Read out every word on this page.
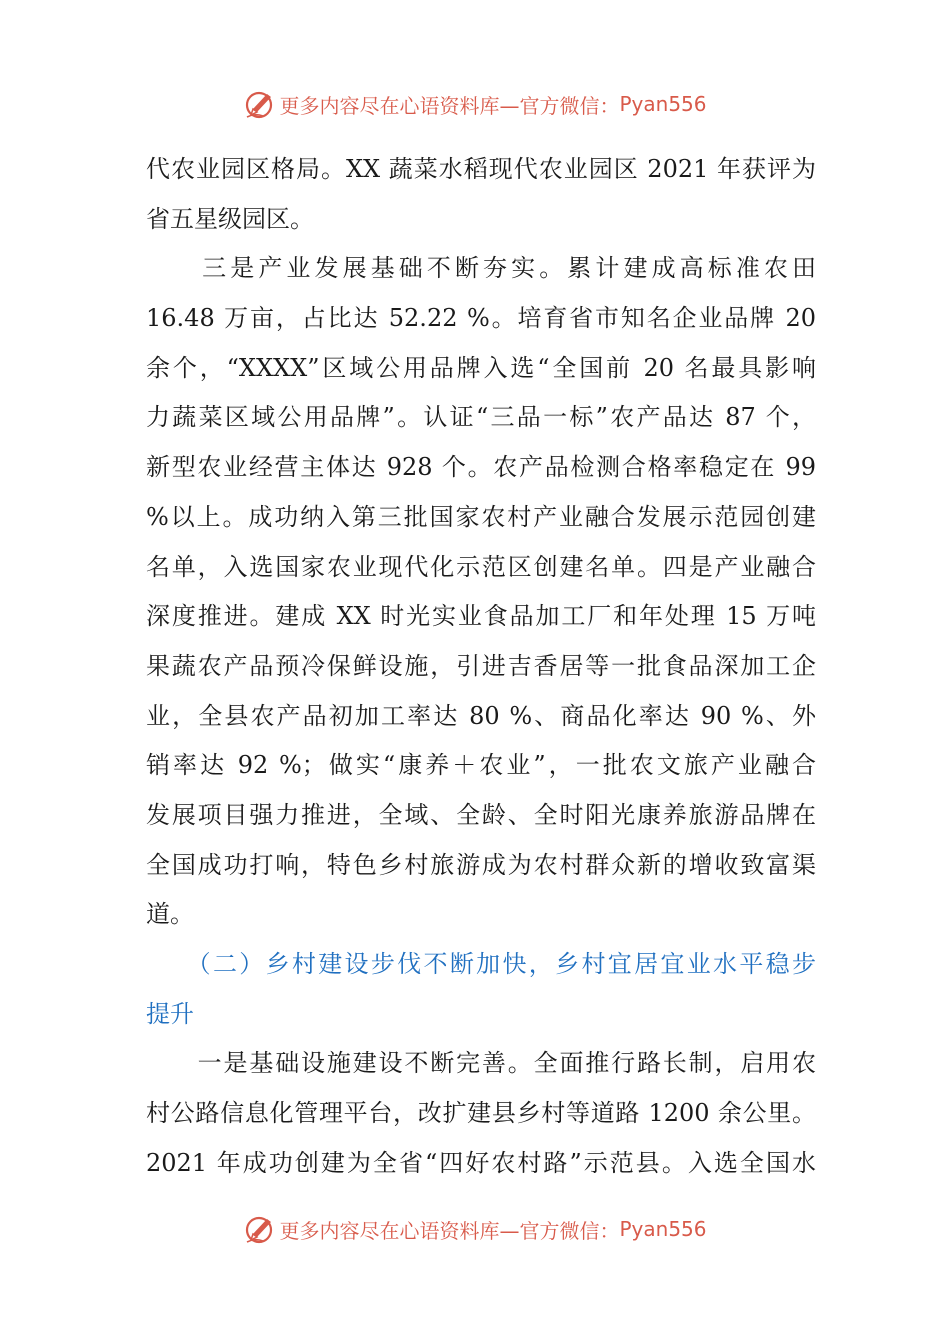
更多内容尽在心语资料库—官方微信： Pyan556
代农业园区格局。XX 蔬菜水稻现代农业园区 2021 年获评为
省五星级园区。
　　三是产业发展基础不断夯实。累计建成高标准农田
16.48 万亩，占比达 52.22 %。培育省市知名企业品牌 20
余个，“XXXX”区域公用品牌入选“全国前 20 名最具影响
力蔬菜区域公用品牌”。认证“三品一标”农产品达 87 个，
新型农业经营主体达 928 个。农产品检测合格率稳定在 99
%以上。成功纳入第三批国家农村产业融合发展示范园创建
名单，入选国家农业现代化示范区创建名单。四是产业融合
深度推进。建成 XX 时光实业食品加工厂和年处理 15 万吨
果蔬农产品预冷保鲜设施，引进吉香居等一批食品深加工企
业，全县农产品初加工率达 80 %、商品化率达 90 %、外
销率达 92 %；做实“康养＋农业”，一批农文旅产业融合
发展项目强力推进，全域、全龄、全时阳光康养旅游品牌在
全国成功打响，特色乡村旅游成为农村群众新的增收致富渠
道。
　　（二）乡村建设步伐不断加快，乡村宜居宜业水平稳步
提升
　　一是基础设施建设不断完善。全面推行路长制，启用农
村公路信息化管理平台，改扩建县乡村等道路 1200 余公里。
2021 年成功创建为全省“四好农村路”示范县。入选全国水
更多内容尽在心语资料库—官方微信： Pyan556
